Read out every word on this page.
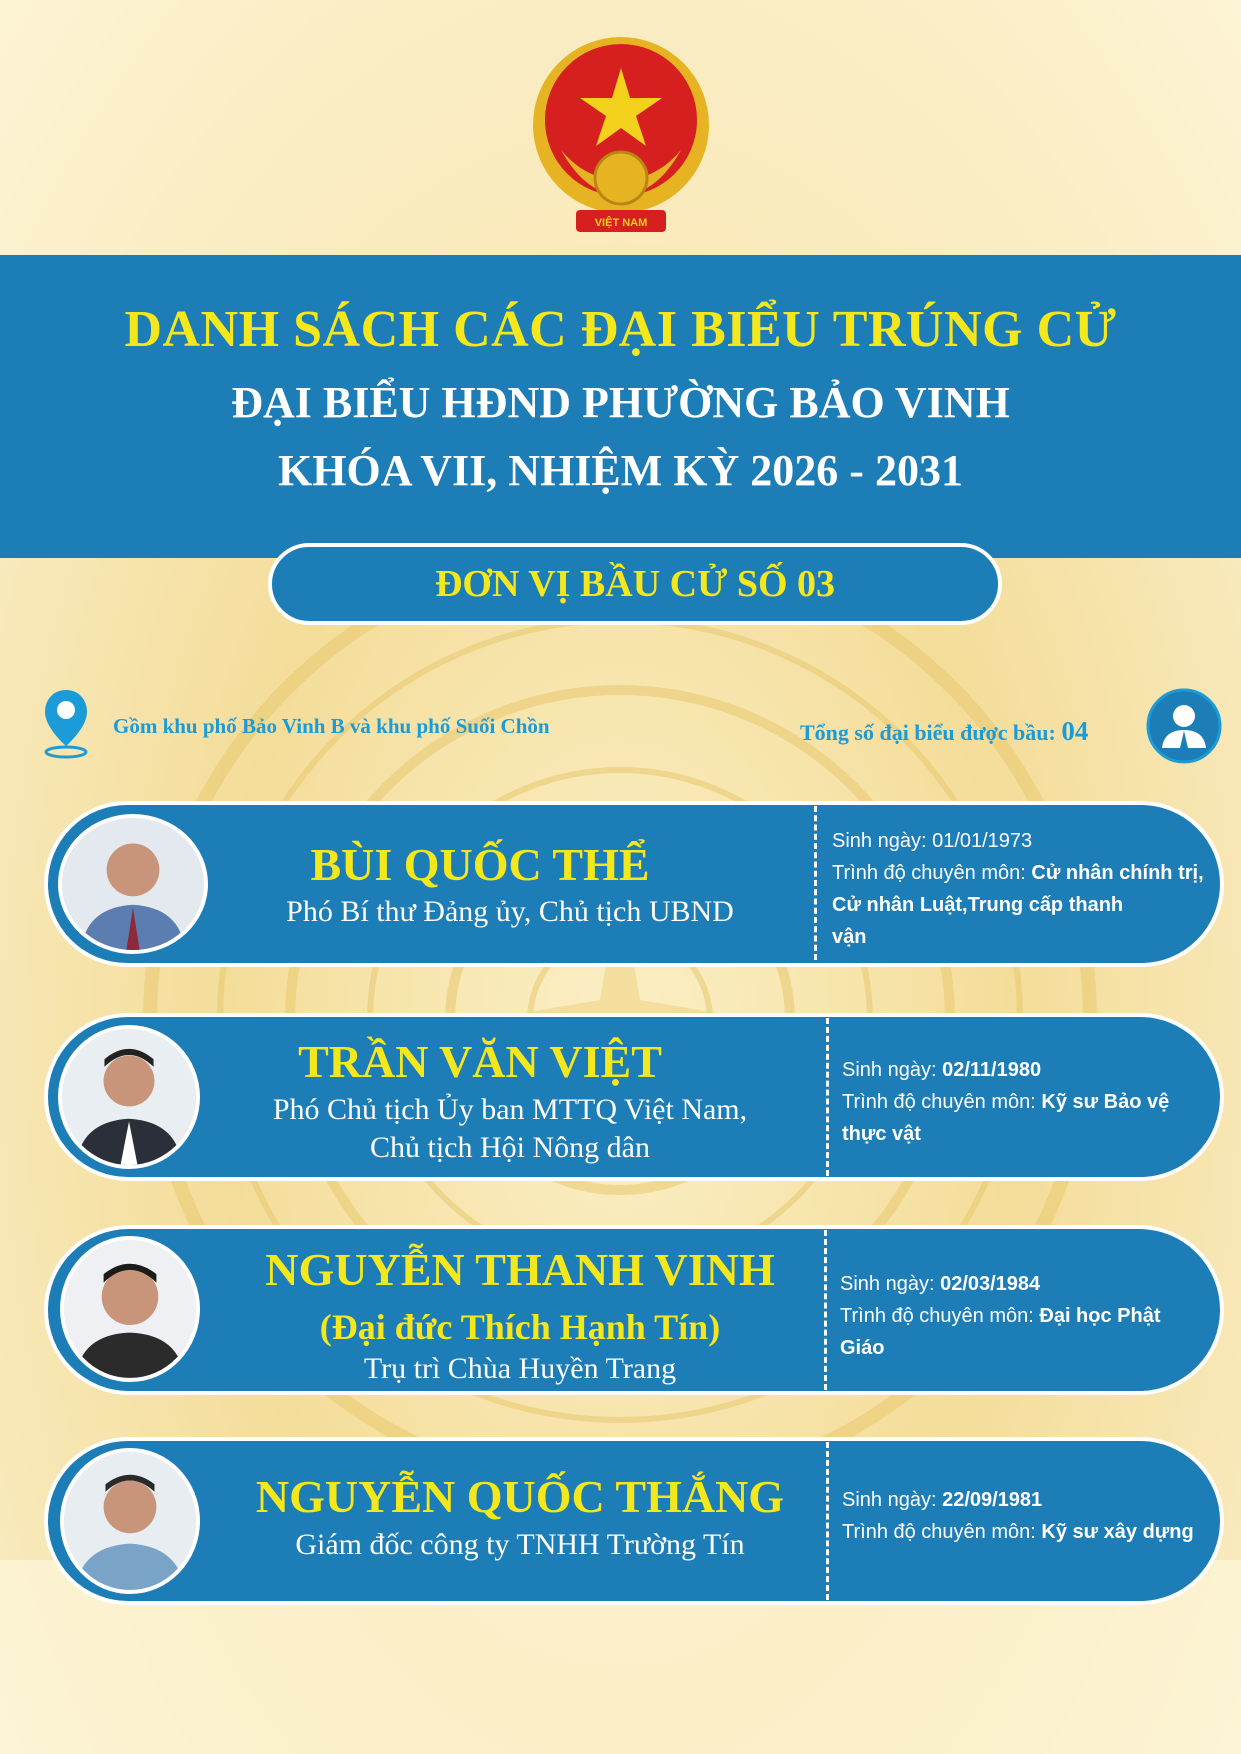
VIỆT NAM
DANH SÁCH CÁC ĐẠI BIỂU TRÚNG CỬ
ĐẠI BIỂU HĐND PHƯỜNG BẢO VINH
KHÓA VII, NHIỆM KỲ 2026 - 2031
ĐƠN VỊ BẦU CỬ SỐ 03
Gồm khu phố Bảo Vinh B và khu phố Suối Chồn	Tổng số đại biểu được bầu: 04
BÙI QUỐC THỂ
Phó Bí thư Đảng ủy, Chủ tịch UBND
Sinh ngày: 01/01/1973
Trình độ chuyên môn: Cử nhân chính trị,
Cử nhân Luật,Trung cấp thanh
vận
TRẦN VĂN VIỆT
Phó Chủ tịch Ủy ban MTTQ Việt Nam,
Chủ tịch Hội Nông dân
Sinh ngày: 02/11/1980
Trình độ chuyên môn: Kỹ sư Bảo vệ
thực vật
NGUYỄN THANH VINH
(Đại đức Thích Hạnh Tín)
Trụ trì Chùa Huyền Trang
Sinh ngày: 02/03/1984
Trình độ chuyên môn: Đại học Phật
Giáo
NGUYỄN QUỐC THẮNG
Giám đốc công ty TNHH Trường Tín
Sinh ngày: 22/09/1981
Trình độ chuyên môn: Kỹ sư xây dựng
